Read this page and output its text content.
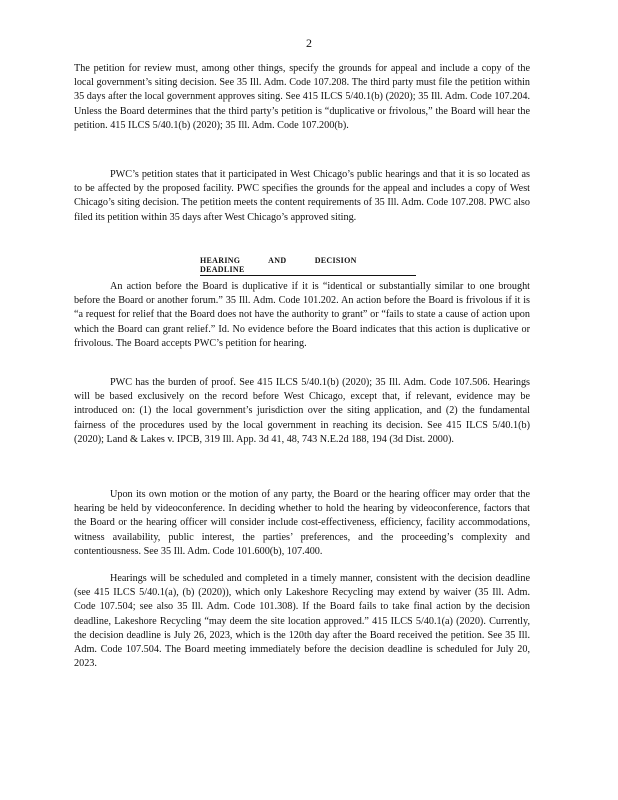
2

The petition for review must, among other things, specify the grounds for appeal and include a copy of the local government’s siting decision. See 35 Ill. Adm. Code 107.208. The third party must file the petition within 35 days after the local government approves siting. See 415 ILCS 5/40.1(b) (2020); 35 Ill. Adm. Code 107.204. Unless the Board determines that the third party’s petition is “duplicative or frivolous,” the Board will hear the petition. 415 ILCS 5/40.1(b) (2020); 35 Ill. Adm. Code 107.200(b).

PWC’s petition states that it participated in West Chicago’s public hearings and that it is so located as to be affected by the proposed facility. PWC specifies the grounds for the appeal and includes a copy of West Chicago’s siting decision. The petition meets the content requirements of 35 Ill. Adm. Code 107.208. PWC also filed its petition within 35 days after West Chicago’s approved siting.

HEARING AND DECISION DEADLINE

An action before the Board is duplicative if it is “identical or substantially similar to one brought before the Board or another forum.” 35 Ill. Adm. Code 101.202. An action before the Board is frivolous if it is “a request for relief that the Board does not have the authority to grant” or “fails to state a cause of action upon which the Board can grant relief.” Id. No evidence before the Board indicates that this action is duplicative or frivolous. The Board accepts PWC’s petition for hearing.

PWC has the burden of proof. See 415 ILCS 5/40.1(b) (2020); 35 Ill. Adm. Code 107.506. Hearings will be based exclusively on the record before West Chicago, except that, if relevant, evidence may be introduced on: (1) the local government’s jurisdiction over the siting application, and (2) the fundamental fairness of the procedures used by the local government in reaching its decision. See 415 ILCS 5/40.1(b) (2020); Land & Lakes v. IPCB, 319 Ill. App. 3d 41, 48, 743 N.E.2d 188, 194 (3d Dist. 2000).

Upon its own motion or the motion of any party, the Board or the hearing officer may order that the hearing be held by videoconference. In deciding whether to hold the hearing by videoconference, factors that the Board or the hearing officer will consider include cost-effectiveness, efficiency, facility accommodations, witness availability, public interest, the parties’ preferences, and the proceeding’s complexity and contentiousness. See 35 Ill. Adm. Code 101.600(b), 107.400.

Hearings will be scheduled and completed in a timely manner, consistent with the decision deadline (see 415 ILCS 5/40.1(a), (b) (2020)), which only Lakeshore Recycling may extend by waiver (35 Ill. Adm. Code 107.504; see also 35 Ill. Adm. Code 101.308). If the Board fails to take final action by the decision deadline, Lakeshore Recycling “may deem the site location approved.” 415 ILCS 5/40.1(a) (2020). Currently, the decision deadline is July 26, 2023, which is the 120th day after the Board received the petition. See 35 Ill. Adm. Code 107.504. The Board meeting immediately before the decision deadline is scheduled for July 20, 2023.
